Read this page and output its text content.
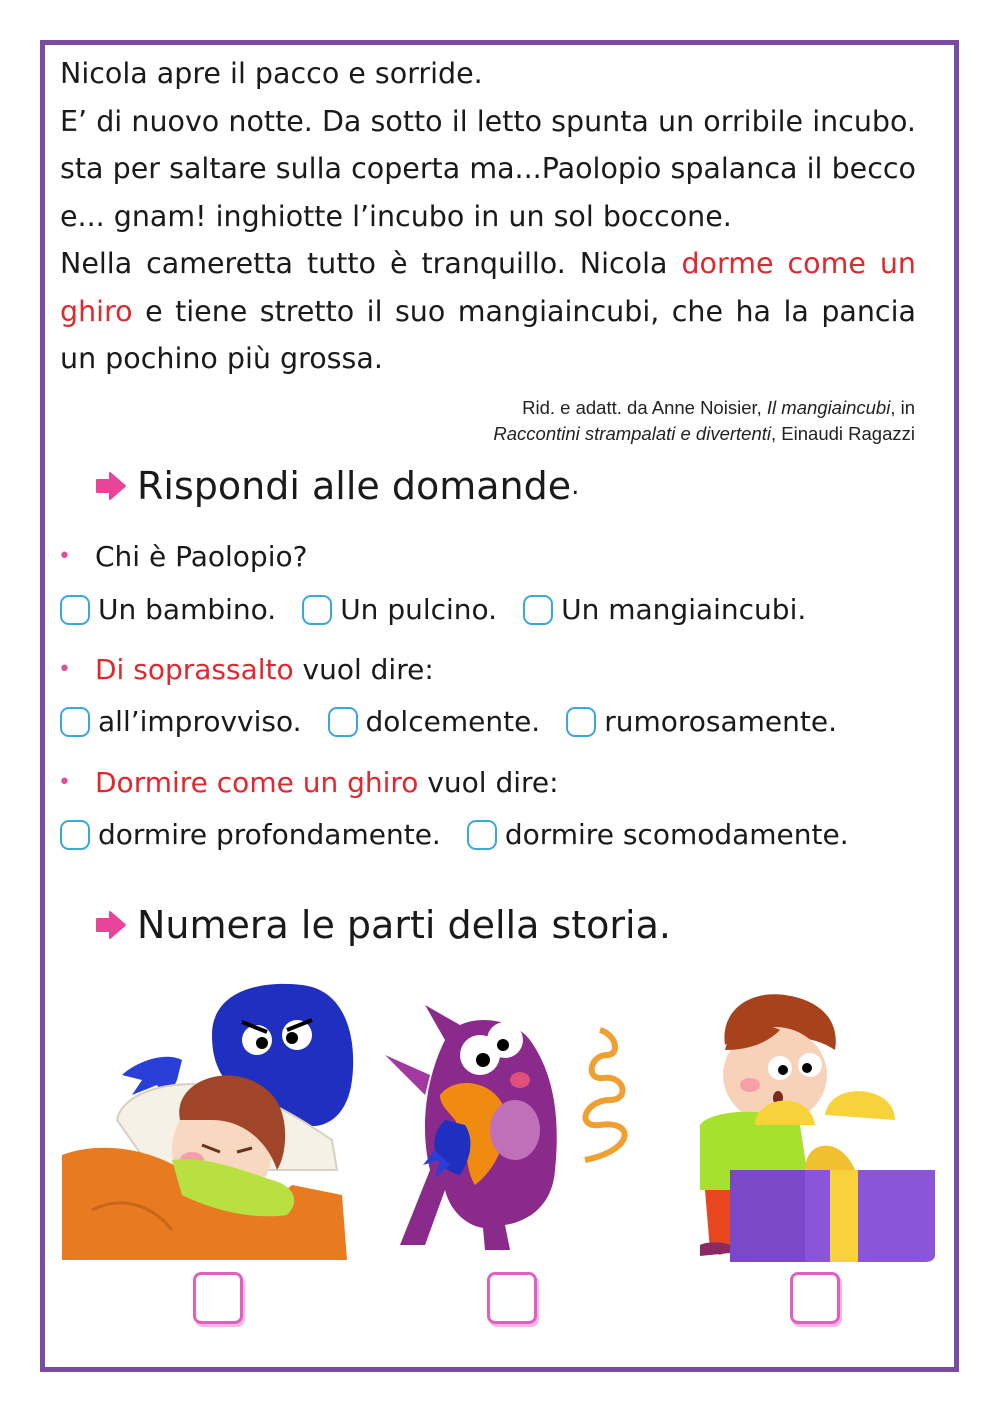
Nicola apre il pacco e sorride.

E’ di nuovo notte. Da sotto il letto spunta un orribile incubo. sta per saltare sulla coperta ma...Paolopio spalanca il becco e... gnam! inghiotte l’incubo in un sol boccone.

Nella cameretta tutto è tranquillo. Nicola dorme come un ghiro e tiene stretto il suo mangiaincubi, che ha la pancia un pochino più grossa.

Rid. e adatt. da Anne Noisier, Il mangiaincubi, in
Raccontini strampalati e divertenti, Einaudi Ragazzi
Rispondi alle domande .
• Chi è Paolopio?
Un bambino. Un pulcino. Un mangiaincubi.
• Di soprassalto vuol dire:
all’improvviso. dolcemente. rumorosamente.
• Dormire come un ghiro vuol dire:
dormire profondamente. dormire scomodamente.
Numera le parti della storia.
